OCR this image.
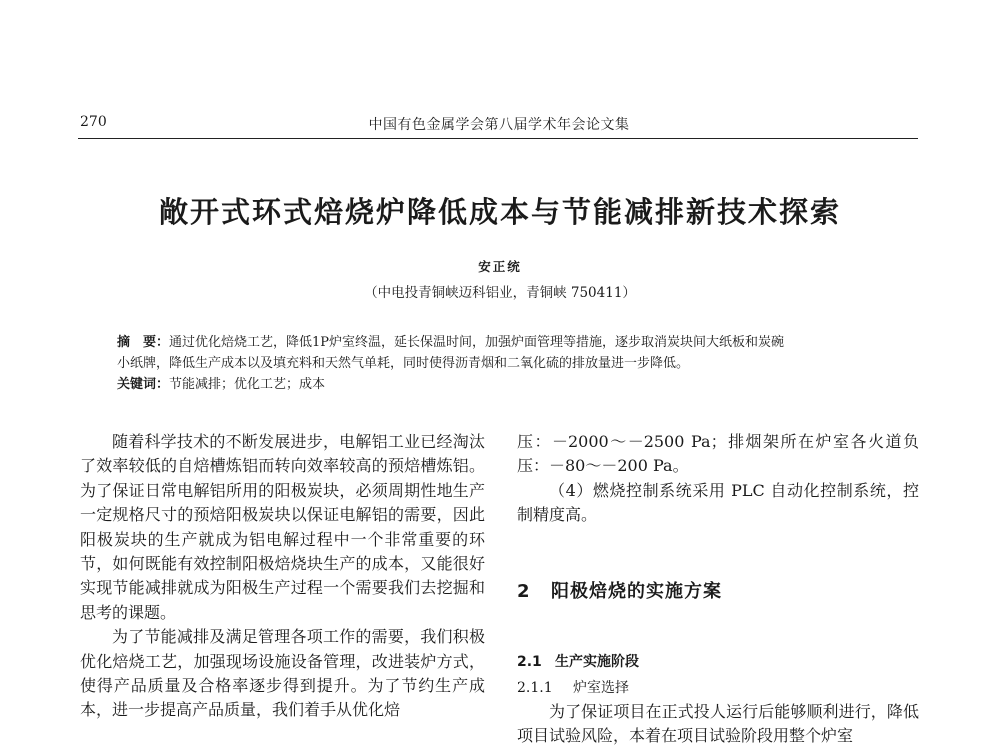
270	中国有色金属学会第八届学术年会论文集
敞开式环式焙烧炉降低成本与节能减排新技术探索
安正统
（中电投青铜峡迈科铝业，青铜峡 750411）
摘　要：通过优化焙烧工艺，降低1P炉室终温，延长保温时间，加强炉面管理等措施，逐步取消炭块间大纸板和炭碗
小纸牌，降低生产成本以及填充料和天然气单耗，同时使得沥青烟和二氧化硫的排放量进一步降低。
关键词：节能减排；优化工艺；成本

随着科学技术的不断发展进步，电解铝工业已经淘汰了效率较低的自焙槽炼铝而转向效率较高的预焙槽炼铝。为了保证日常电解铝所用的阳极炭块，必须周期性地生产一定规格尺寸的预焙阳极炭块以保证电解铝的需要，因此阳极炭块的生产就成为铝电解过程中一个非常重要的环节，如何既能有效控制阳极焙烧块生产的成本，又能很好实现节能减排就成为阳极生产过程一个需要我们去挖掘和思考的课题。

为了节能减排及满足管理各项工作的需要，我们积极优化焙烧工艺，加强现场设施设备管理，改进装炉方式，使得产品质量及合格率逐步得到提升。为了节约生产成本，进一步提高产品质量，我们着手从优化焙

压：－2000～－2500 Pa；排烟架所在炉室各火道负压：－80～－200 Pa。

（4）燃烧控制系统采用 PLC 自动化控制系统，控制精度高。

2 阳极焙烧的实施方案
2.1 生产实施阶段
2.1.1 炉室选择

为了保证项目在正式投人运行后能够顺利进行，降低项目试验风险，本着在项目试验阶段用整个炉室
